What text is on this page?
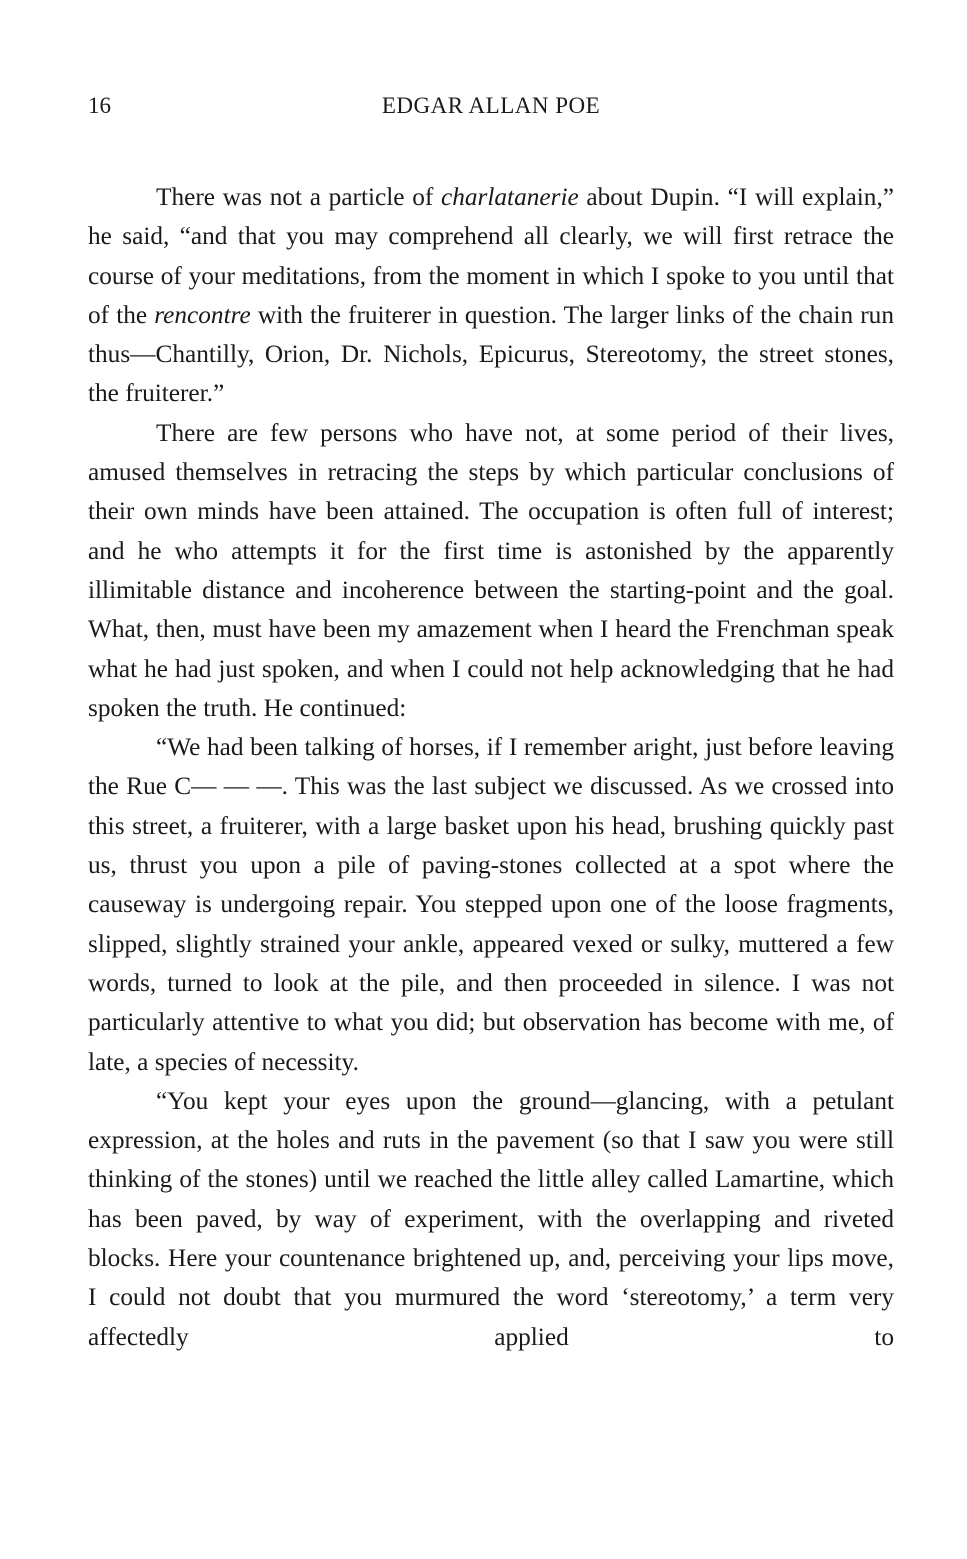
16	EDGAR ALLAN POE

There was not a particle of charlatanerie about Dupin. “I will explain,” he said, “and that you may comprehend all clearly, we will first retrace the course of your meditations, from the moment in which I spoke to you until that of the rencontre with the fruiterer in question. The larger links of the chain run thus—Chantilly, Orion, Dr. Nichols, Epicurus, Stereotomy, the street stones, the fruiterer.”

There are few persons who have not, at some period of their lives, amused themselves in retracing the steps by which particular conclusions of their own minds have been attained. The occupation is often full of interest; and he who attempts it for the first time is astonished by the apparently illimitable distance and incoherence between the starting-point and the goal. What, then, must have been my amazement when I heard the Frenchman speak what he had just spoken, and when I could not help acknowledging that he had spoken the truth. He continued:

“We had been talking of horses, if I remember aright, just before leaving the Rue C— — —. This was the last subject we discussed. As we crossed into this street, a fruiterer, with a large basket upon his head, brushing quickly past us, thrust you upon a pile of paving-stones collected at a spot where the causeway is undergoing repair. You stepped upon one of the loose fragments, slipped, slightly strained your ankle, appeared vexed or sulky, muttered a few words, turned to look at the pile, and then proceeded in silence. I was not particularly attentive to what you did; but observation has become with me, of late, a species of necessity.

“You kept your eyes upon the ground—glancing, with a petulant expression, at the holes and ruts in the pavement (so that I saw you were still thinking of the stones) until we reached the little alley called Lamartine, which has been paved, by way of experiment, with the overlapping and riveted blocks. Here your countenance brightened up, and, perceiving your lips move, I could not doubt that you murmured the word ‘stereotomy,’ a term very affectedly applied to
